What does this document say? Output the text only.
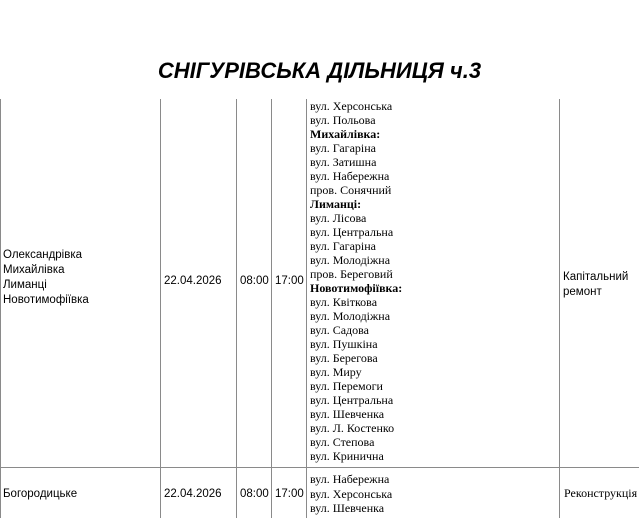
СНІГУРІВСЬКА ДІЛЬНИЦЯ ч.3
Олександрівка
Михайлівка
Лиманці
Новотимофіївка
22.04.2026 08:00 17:00
вул. Херсонська
вул. Польова
Михайлівка:
вул. Гагаріна
вул. Затишна
вул. Набережна
пров. Сонячний
Лиманці:
вул. Лісова
вул. Центральна
вул. Гагаріна
вул. Молодіжна
пров. Береговий
Новотимофіївка:
вул. Квіткова
вул. Молодіжна
вул. Садова
вул. Пушкіна
вул. Берегова
вул. Миру
вул. Перемоги
вул. Центральна
вул. Шевченка
вул. Л. Костенко
вул. Степова
вул. Кринична
Капітальний
ремонт
Богородицьке	22.04.2026 08:00 17:00
вул. Набережна
вул. Херсонська
вул. Шевченка
Реконструкція
